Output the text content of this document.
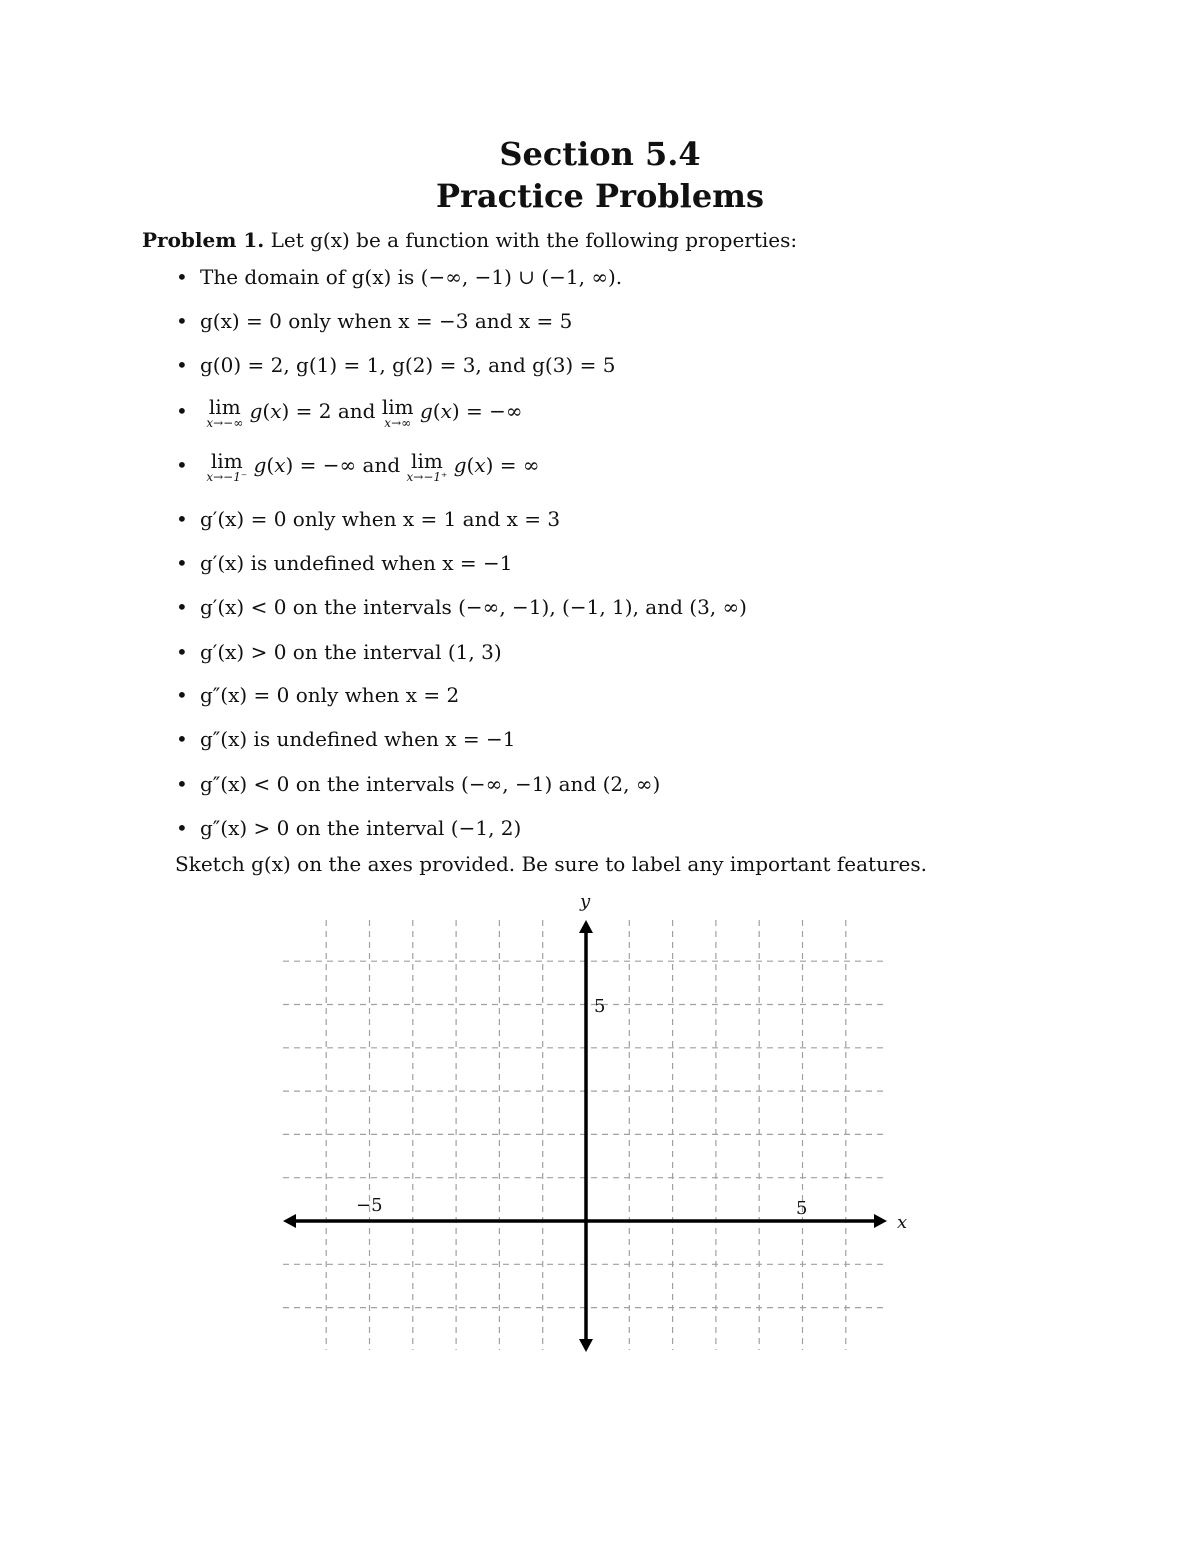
Section 5.4
Practice Problems
Problem 1. Let g(x) be a function with the following properties:
• The domain of g(x) is (−∞, −1) ∪ (−1, ∞).
• g(x) = 0 only when x = −3 and x = 5
• g(0) = 2, g(1) = 1, g(2) = 3, and g(3) = 5
• lim
x→−∞ g(x) = 2 and lim
x→∞ g(x) = −∞
• lim
x→−1⁻ g(x) = −∞ and lim
x→−1⁺ g(x) = ∞
• g′(x) = 0 only when x = 1 and x = 3
• g′(x) is undefined when x = −1
• g′(x) < 0 on the intervals (−∞, −1), (−1, 1), and (3, ∞)
• g′(x) > 0 on the interval (1, 3)
• g″(x) = 0 only when x = 2
• g″(x) is undefined when x = −1
• g″(x) < 0 on the intervals (−∞, −1) and (2, ∞)
• g″(x) > 0 on the interval (−1, 2)
Sketch g(x) on the axes provided. Be sure to label any important features.
x
y
−5	5
5
